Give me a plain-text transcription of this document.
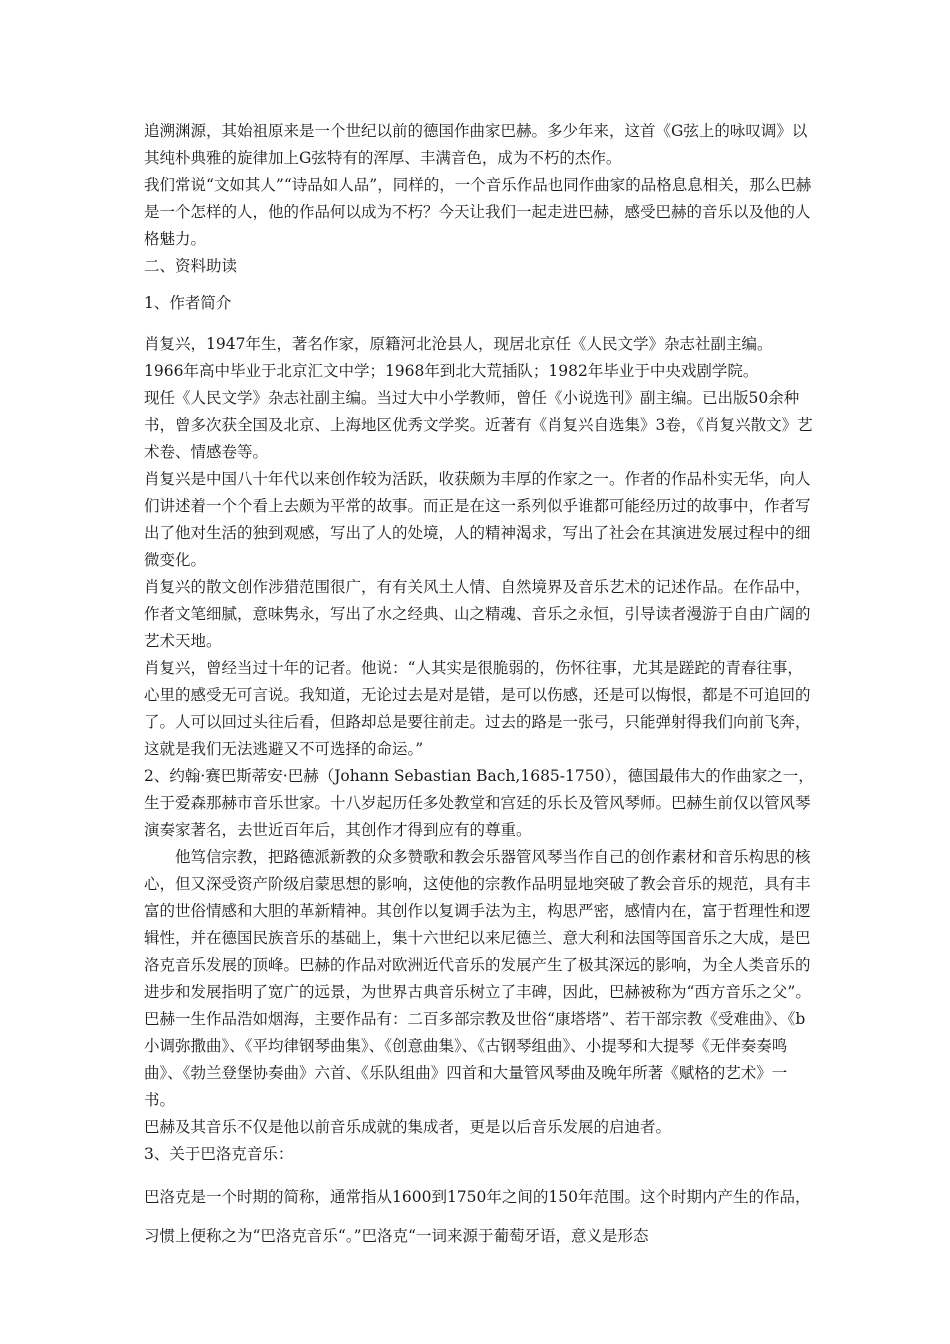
追溯渊源，其始祖原来是一个世纪以前的德国作曲家巴赫。多少年来，这首《G弦上的咏叹调》以其纯朴典雅的旋律加上G弦特有的浑厚、丰满音色，成为不朽的杰作。

我们常说“文如其人”“诗品如人品”，同样的，一个音乐作品也同作曲家的品格息息相关，那么巴赫是一个怎样的人，他的作品何以成为不朽？今天让我们一起走进巴赫，感受巴赫的音乐以及他的人格魅力。

二、资料助读

1、作者简介

肖复兴，1947年生，著名作家，原籍河北沧县人，现居北京任《人民文学》杂志社副主编。

1966年高中毕业于北京汇文中学；1968年到北大荒插队；1982年毕业于中央戏剧学院。

现任《人民文学》杂志社副主编。当过大中小学教师，曾任《小说选刊》副主编。已出版50余种书，曾多次获全国及北京、上海地区优秀文学奖。近著有《肖复兴自选集》3卷，《肖复兴散文》艺术卷、情感卷等。

肖复兴是中国八十年代以来创作较为活跃，收获颇为丰厚的作家之一。作者的作品朴实无华，向人们讲述着一个个看上去颇为平常的故事。而正是在这一系列似乎谁都可能经历过的故事中，作者写出了他对生活的独到观感，写出了人的处境，人的精神渴求，写出了社会在其演进发展过程中的细微变化。

肖复兴的散文创作涉猎范围很广，有有关风土人情、自然境界及音乐艺术的记述作品。在作品中，作者文笔细腻，意味隽永，写出了水之经典、山之精魂、音乐之永恒，引导读者漫游于自由广阔的艺术天地。

肖复兴，曾经当过十年的记者。他说：“人其实是很脆弱的，伤怀往事，尤其是蹉跎的青春往事，心里的感受无可言说。我知道，无论过去是对是错，是可以伤感，还是可以悔恨，都是不可追回的了。人可以回过头往后看，但路却总是要往前走。过去的路是一张弓，只能弹射得我们向前飞奔，这就是我们无法逃避又不可选择的命运。”

2、约翰·赛巴斯蒂安·巴赫（Johann Sebastian Bach,1685-1750），德国最伟大的作曲家之一，生于爱森那赫市音乐世家。十八岁起历任多处教堂和宫廷的乐长及管风琴师。巴赫生前仅以管风琴演奏家著名，去世近百年后，其创作才得到应有的尊重。

他笃信宗教，把路德派新教的众多赞歌和教会乐器管风琴当作自己的创作素材和音乐构思的核心，但又深受资产阶级启蒙思想的影响，这使他的宗教作品明显地突破了教会音乐的规范，具有丰富的世俗情感和大胆的革新精神。其创作以复调手法为主，构思严密，感情内在，富于哲理性和逻辑性，并在德国民族音乐的基础上，集十六世纪以来尼德兰、意大利和法国等国音乐之大成，是巴洛克音乐发展的顶峰。巴赫的作品对欧洲近代音乐的发展产生了极其深远的影响，为全人类音乐的进步和发展指明了宽广的远景，为世界古典音乐树立了丰碑，因此，巴赫被称为“西方音乐之父”。

巴赫一生作品浩如烟海，主要作品有：二百多部宗教及世俗“康塔塔”、若干部宗教《受难曲》、《b小调弥撒曲》、《平均律钢琴曲集》、《创意曲集》、《古钢琴组曲》、小提琴和大提琴《无伴奏奏鸣曲》、《勃兰登堡协奏曲》六首、《乐队组曲》四首和大量管风琴曲及晚年所著《赋格的艺术》一书。

巴赫及其音乐不仅是他以前音乐成就的集成者，更是以后音乐发展的启迪者。

3、关于巴洛克音乐：

巴洛克是一个时期的简称，通常指从1600到1750年之间的150年范围。这个时期内产生的作品，习惯上便称之为“巴洛克音乐“。”巴洛克“一词来源于葡萄牙语，意义是形态
